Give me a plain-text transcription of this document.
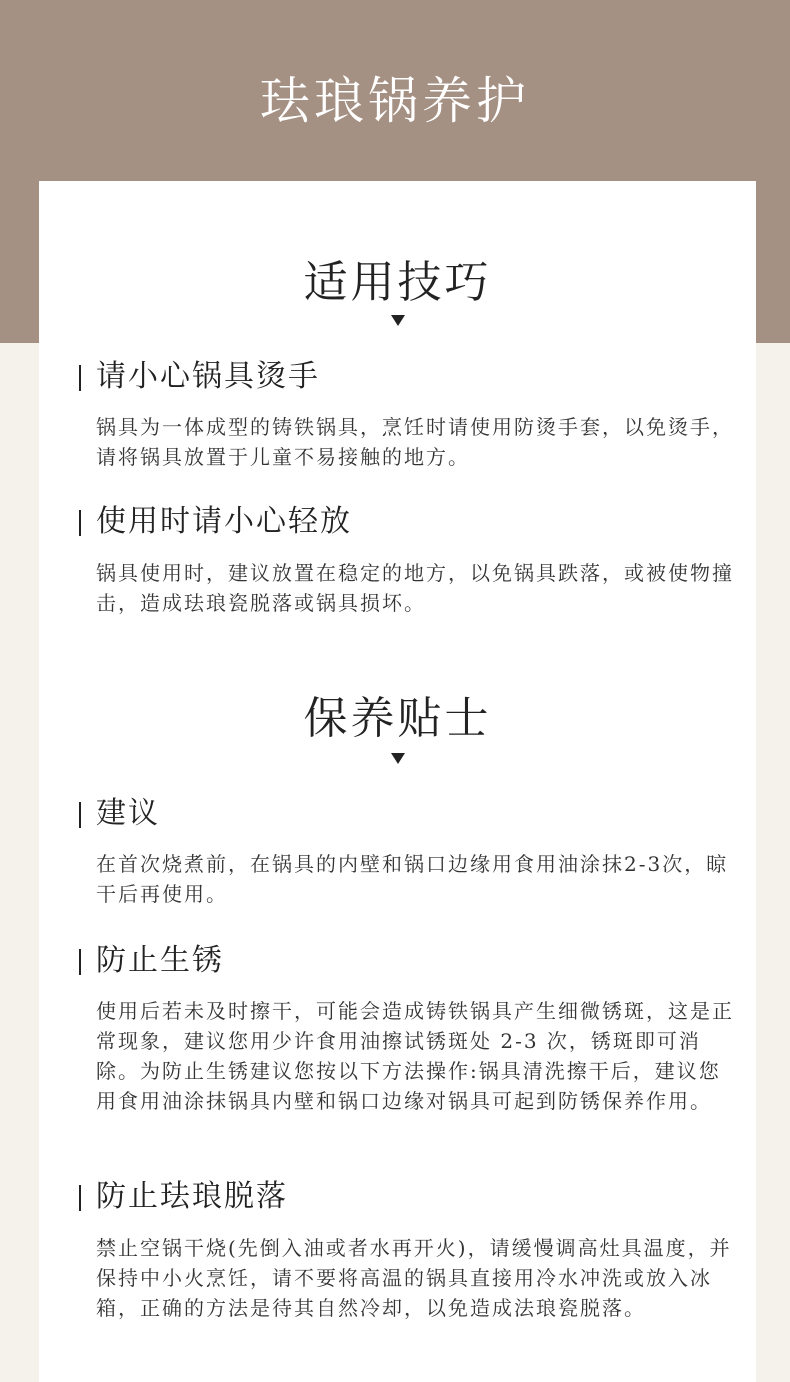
珐琅锅养护
适用技巧
请小心锅具烫手

锅具为一体成型的铸铁锅具，烹饪时请使用防烫手套，以免烫手，请将锅具放置于儿童不易接触的地方。

使用时请小心轻放

锅具使用时，建议放置在稳定的地方，以免锅具跌落，或被使物撞击，造成珐琅瓷脱落或锅具损坏。

保养贴士
建议

在首次烧煮前，在锅具的内壁和锅口边缘用食用油涂抹2-3次，晾干后再使用。

防止生锈

使用后若未及时擦干，可能会造成铸铁锅具产生细微锈斑，这是正常现象，建议您用少许食用油擦试锈斑处 2-3 次，锈斑即可消除。为防止生锈建议您按以下方法操作:锅具清洗擦干后，建议您用食用油涂抹锅具内壁和锅口边缘对锅具可起到防锈保养作用。

防止珐琅脱落

禁止空锅干烧(先倒入油或者水再开火)，请缓慢调高灶具温度，并保持中小火烹饪，请不要将高温的锅具直接用冷水冲洗或放入冰箱，正确的方法是待其自然冷却，以免造成法琅瓷脱落。
